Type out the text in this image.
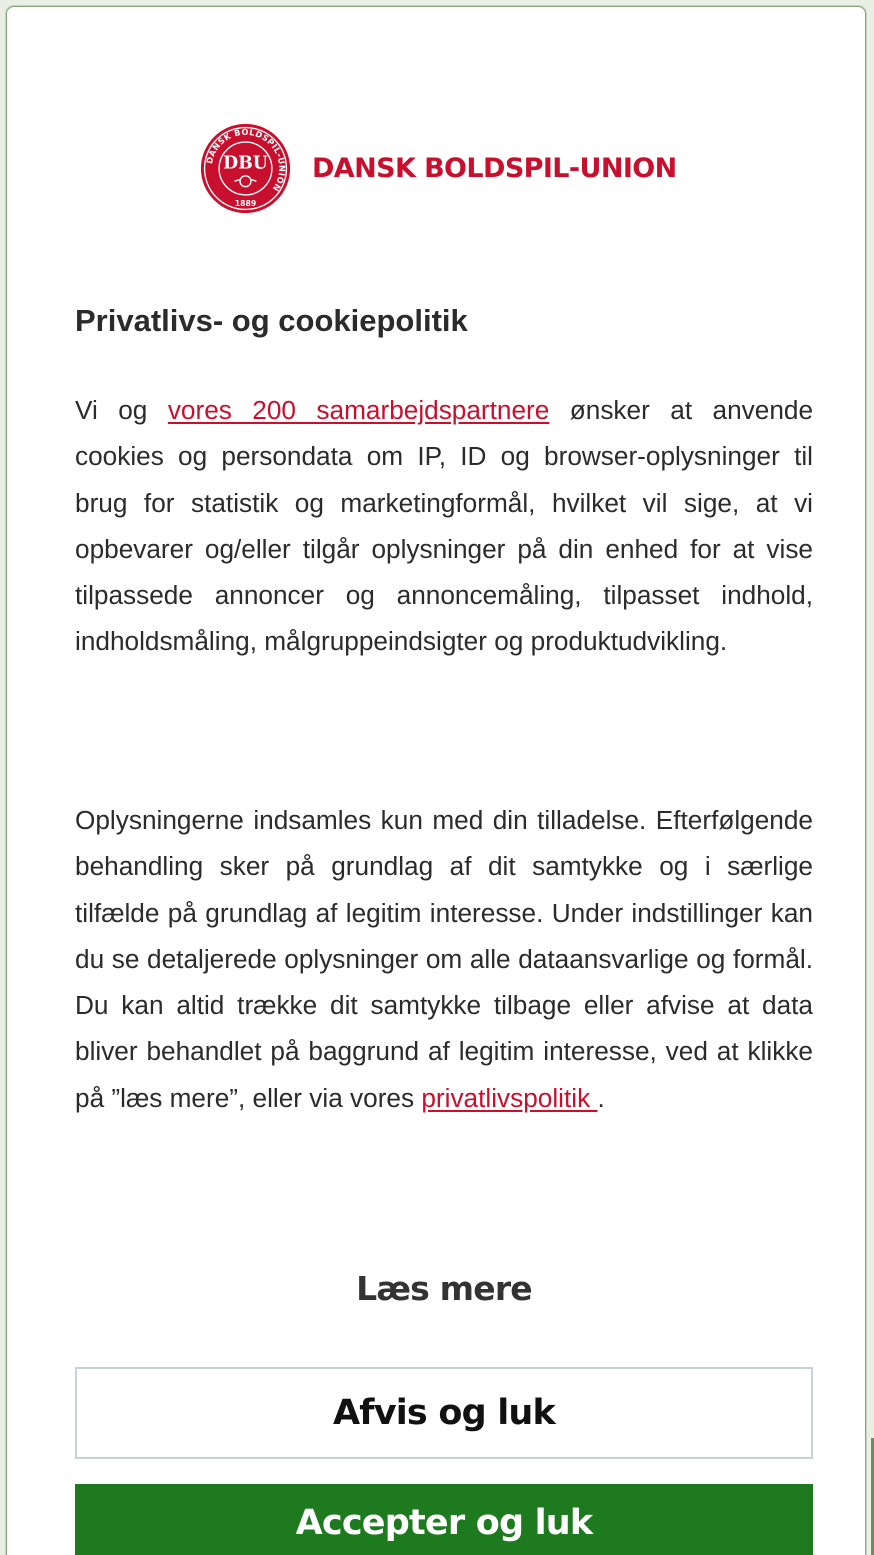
DANSK BOLDSPIL-UNION
DBU
1889
DANSK BOLDSPIL-UNION
Privatlivs- og cookiepolitik

Vi og vores 200 samarbejdspartnere ønsker at anvende cookies og persondata om IP, ID og browser-oplysninger til brug for statistik og marketingformål, hvilket vil sige, at vi opbevarer og/eller tilgår oplysninger på din enhed for at vise tilpassede annoncer og annoncemåling, tilpasset indhold, indholdsmåling, målgruppeindsigter og produktudvikling.

Oplysningerne indsamles kun med din tilladelse. Efterfølgende behandling sker på grundlag af dit samtykke og i særlige tilfælde på grundlag af legitim interesse. Under indstillinger kan du se detaljerede oplysninger om alle dataansvarlige og formål. Du kan altid trække dit samtykke tilbage eller afvise at data bliver behandlet på baggrund af legitim interesse, ved at klikke på ”læs mere”, eller via vores privatlivspolitik .

Læs mere
Afvis og luk
Accepter og luk
